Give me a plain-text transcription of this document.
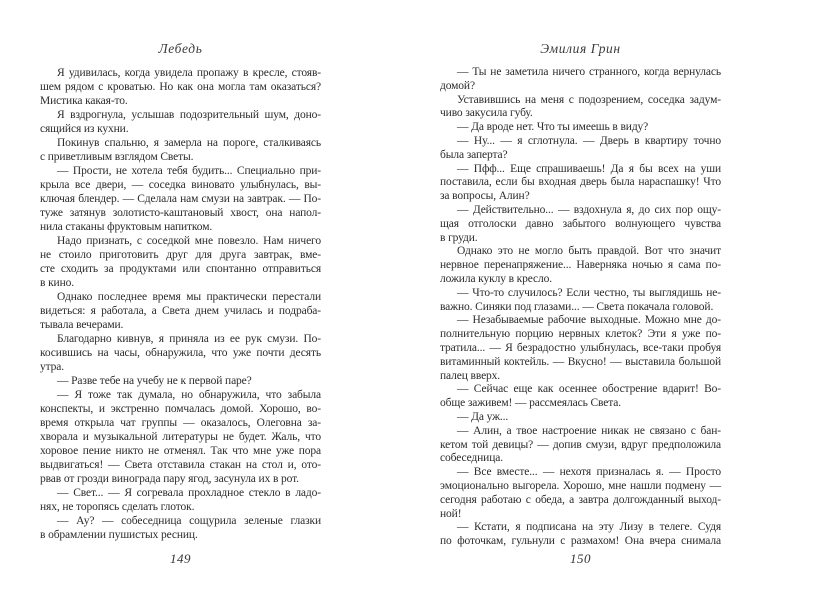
Лебедь
Я удивилась, когда увидела пропажу в кресле, стояв-
шем рядом с кроватью. Но как она могла там оказаться?
Мистика какая-то.
Я вздрогнула, услышав подозрительный шум, доно-
сящийся из кухни.
Покинув спальню, я замерла на пороге, сталкиваясь
с приветливым взглядом Светы.
— Прости, не хотела тебя будить... Специально при-
крыла все двери, — соседка виновато улыбнулась, вы-
ключая блендер. — Сделала нам смузи на завтрак. — По-
туже затянув золотисто-каштановый хвост, она напол-
нила стаканы фруктовым напитком.
Надо признать, с соседкой мне повезло. Нам ничего
не стоило приготовить друг для друга завтрак, вме-
сте сходить за продуктами или спонтанно отправиться
в кино.
Однако последнее время мы практически перестали
видеться: я работала, а Света днем училась и подраба-
тывала вечерами.
Благодарно кивнув, я приняла из ее рук смузи. По-
косившись на часы, обнаружила, что уже почти десять
утра.
— Разве тебе на учебу не к первой паре?
— Я тоже так думала, но обнаружила, что забыла
конспекты, и экстренно помчалась домой. Хорошо, во-
время открыла чат группы — оказалось, Олеговна за-
хворала и музыкальной литературы не будет. Жаль, что
хоровое пение никто не отменял. Так что мне уже пора
выдвигаться! — Света отставила стакан на стол и, ото-
рвав от грозди винограда пару ягод, засунула их в рот.
— Свет... — Я согревала прохладное стекло в ладо-
нях, не торопясь сделать глоток.
— Ау? — собеседница сощурила зеленые глазки
в обрамлении пушистых ресниц.
149
Эмилия Грин
— Ты не заметила ничего странного, когда вернулась
домой?
Уставившись на меня с подозрением, соседка задум-
чиво закусила губу.
— Да вроде нет. Что ты имеешь в виду?
— Ну... — я сглотнула. — Дверь в квартиру точно
была заперта?
— Пфф... Еще спрашиваешь! Да я бы всех на уши
поставила, если бы входная дверь была нараспашку! Что
за вопросы, Алин?
— Действительно... — вздохнула я, до сих пор ощу-
щая отголоски давно забытого волнующего чувства
в груди.
Однако это не могло быть правдой. Вот что значит
нервное перенапряжение... Наверняка ночью я сама по-
ложила куклу в кресло.
— Что-то случилось? Если честно, ты выглядишь не-
важно. Синяки под глазами... — Света покачала головой.
— Незабываемые рабочие выходные. Можно мне до-
полнительную порцию нервных клеток? Эти я уже по-
тратила... — Я безрадостно улыбнулась, все-таки пробуя
витаминный коктейль. — Вкусно! — выставила большой
палец вверх.
— Сейчас еще как осеннее обострение вдарит! Во-
обще заживем! — рассмеялась Света.
— Да уж...
— Алин, а твое настроение никак не связано с бан-
кетом той девицы? — допив смузи, вдруг предположила
собеседница.
— Все вместе... — нехотя призналась я. — Просто
эмоционально выгорела. Хорошо, мне нашли подмену —
сегодня работаю с обеда, а завтра долгожданный выход-
ной!
— Кстати, я подписана на эту Лизу в телеге. Судя
по фоточкам, гульнули с размахом! Она вчера снимала
150
